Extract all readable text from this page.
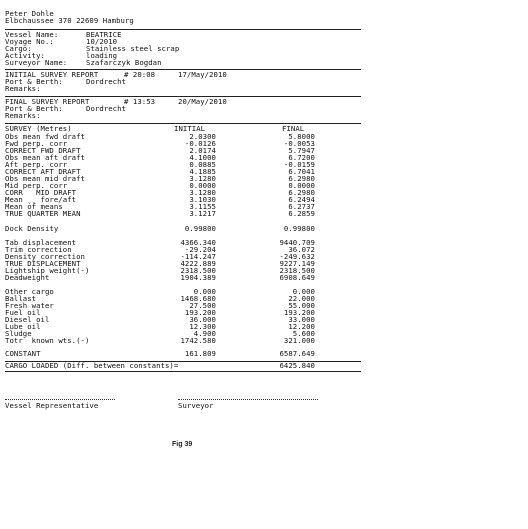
Peter Dohle
Elbchaussee 370 22609 Hamburg
Vessel Name:	BEATRICE
Voyage No.:	10/2010
Cargo:	Stainless steel scrap
Activity:	loading
Surveyor Name:	Szafarczyk Bogdan
INITIAL SURVEY REPORT	# 20:08	17/May/2010
Port & Berth:	Dordrecht
Remarks:
FINAL SURVEY REPORT	# 13:53	20/May/2010
Port & Berth:	Dordrecht
Remarks:
SURVEY (Metres)	INITIAL	FINAL
Obs mean fwd draft	2.0300	5.8000
Fwd perp. corr	-0.0126	-0.0053
CORRECT FWD DRAFT	2.0174	5.7947
Obs mean aft draft	4.1000	6.7200
Aft perp. corr	0.0885	-0.0159
CORRECT AFT DRAFT	4.1885	6.7041
Obs mean mid draft	3.1280	6.2980
Mid perp. corr	0.0000	0.0000
CORR   MID DRAFT	3.1280	6.2980
Mean ˬˬ fore/aft	3.1030	6.2494
Mean of means	3.1155	6.2737
TRUE QUARTER MEAN	3.1217	6.2859
Dock Density	0.99800	0.99800
Tab displacement	4366.340	9440.709
Trim correction	-29.204	36.072
Density correction	-114.247	-249.632
TRUE DISPLACEMENT	4222.889	9227.149
Lightship weight(-)	2318.500	2318.500
Deadweight	1904.389	6908.649
Other cargo	0.000	0.000
Ballast	1468.680	22.000
Fresh water	27.500	55.000
Fuel oil	193.200	193.200
Diesel oil	36.000	33.000
Lube oil	12.300	12.200
Sludge	4.900	5.600
Totr  known wts.(-)	1742.580	321.000
CONSTANT	161.809	6587.649
CARGO LOADED (Diff. between constants)=	6425.840
Vessel Representative	Surveyor
Fig 39
